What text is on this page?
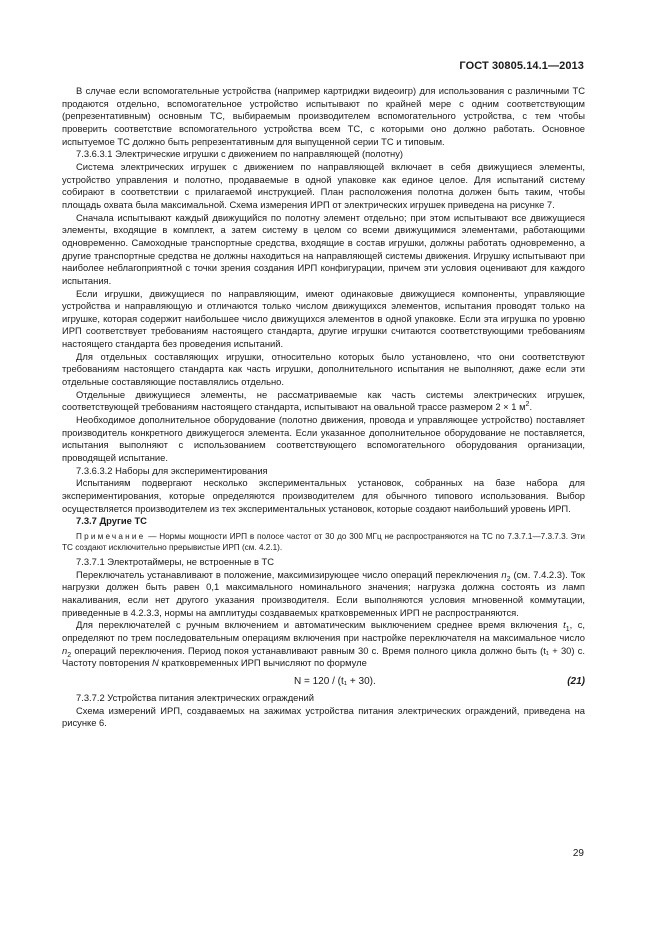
ГОСТ 30805.14.1—2013

В случае если вспомогательные устройства (например картриджи видеоигр) для использования с различными ТС продаются отдельно, вспомогательное устройство испытывают по крайней мере с одним соответствующим (репрезентативным) основным ТС, выбираемым производителем вспомогательного устройства, с тем чтобы проверить соответствие вспомогательного устройства всем ТС, с которыми оно должно работать. Основное испытуемое ТС должно быть репрезентативным для выпущенной серии ТС и типовым.

7.3.6.3.1 Электрические игрушки с движением по направляющей (полотну)

Система электрических игрушек с движением по направляющей включает в себя движущиеся элементы, устройство управления и полотно, продаваемые в одной упаковке как единое целое. Для испытаний систему собирают в соответствии с прилагаемой инструкцией. План расположения полотна должен быть таким, чтобы площадь охвата была максимальной. Схема измерения ИРП от электрических игрушек приведена на рисунке 7.

Сначала испытывают каждый движущийся по полотну элемент отдельно; при этом испытывают все движущиеся элементы, входящие в комплект, а затем систему в целом со всеми движущимися элементами, работающими одновременно. Самоходные транспортные средства, входящие в состав игрушки, должны работать одновременно, а другие транспортные средства не должны находиться на направляющей системы движения. Игрушку испытывают при наиболее неблагоприятной с точки зрения создания ИРП конфигурации, причем эти условия оценивают для каждого испытания.

Если игрушки, движущиеся по направляющим, имеют одинаковые движущиеся компоненты, управляющие устройства и направляющую и отличаются только числом движущихся элементов, испытания проводят только на игрушке, которая содержит наибольшее число движущихся элементов в одной упаковке. Если эта игрушка по уровню ИРП соответствует требованиям настоящего стандарта, другие игрушки считаются соответствующими требованиям настоящего стандарта без проведения испытаний.

Для отдельных составляющих игрушки, относительно которых было установлено, что они соответствуют требованиям настоящего стандарта как часть игрушки, дополнительного испытания не выполняют, даже если эти отдельные составляющие поставлялись отдельно.

Отдельные движущиеся элементы, не рассматриваемые как часть системы электрических игрушек, соответствующей требованиям настоящего стандарта, испытывают на овальной трассе размером 2 × 1 $м^2$.

Необходимое дополнительное оборудование (полотно движения, провода и управляющее устройство) поставляет производитель конкретного движущегося элемента. Если указанное дополнительное оборудование не поставляется, испытания выполняют с использованием соответствующего вспомогательного оборудования организации, проводящей испытание.

7.3.6.3.2 Наборы для экспериментирования

Испытаниям подвергают несколько экспериментальных установок, собранных на базе набора для экспериментирования, которые определяются производителем для обычного типового использования. Выбор осуществляется производителем из тех экспериментальных установок, которые создают наибольший уровень ИРП.

7.3.7 Другие ТС

Примечание — Нормы мощности ИРП в полосе частот от 30 до 300 МГц не распространяются на ТС по 7.3.7.1—7.3.7.3. Эти ТС создают исключительно прерывистые ИРП (см. 4.2.1).

7.3.7.1 Электротаймеры, не встроенные в ТС

Переключатель устанавливают в положение, максимизирующее число операций переключения $n_2$ (см. 7.4.2.3). Ток нагрузки должен быть равен 0,1 максимального номинального значения; нагрузка должна состоять из ламп накаливания, если нет другого указания производителя. Если выполняются условия мгновенной коммутации, приведенные в 4.2.3.3, нормы на амплитуды создаваемых кратковременных ИРП не распространяются.

Для переключателей с ручным включением и автоматическим выключением среднее время включения $t_1$, с, определяют по трем последовательным операциям включения при настройке переключателя на максимальное число $n_2$ операций переключения. Период покоя устанавливают равным 30 с. Время полного цикла должно быть (t₁ + 30) с. Частоту повторения N кратковременных ИРП вычисляют по формуле

N = 120 / (t₁ + 30).	(21)

7.3.7.2 Устройства питания электрических ограждений

Схема измерений ИРП, создаваемых на зажимах устройства питания электрических ограждений, приведена на рисунке 6.

29
